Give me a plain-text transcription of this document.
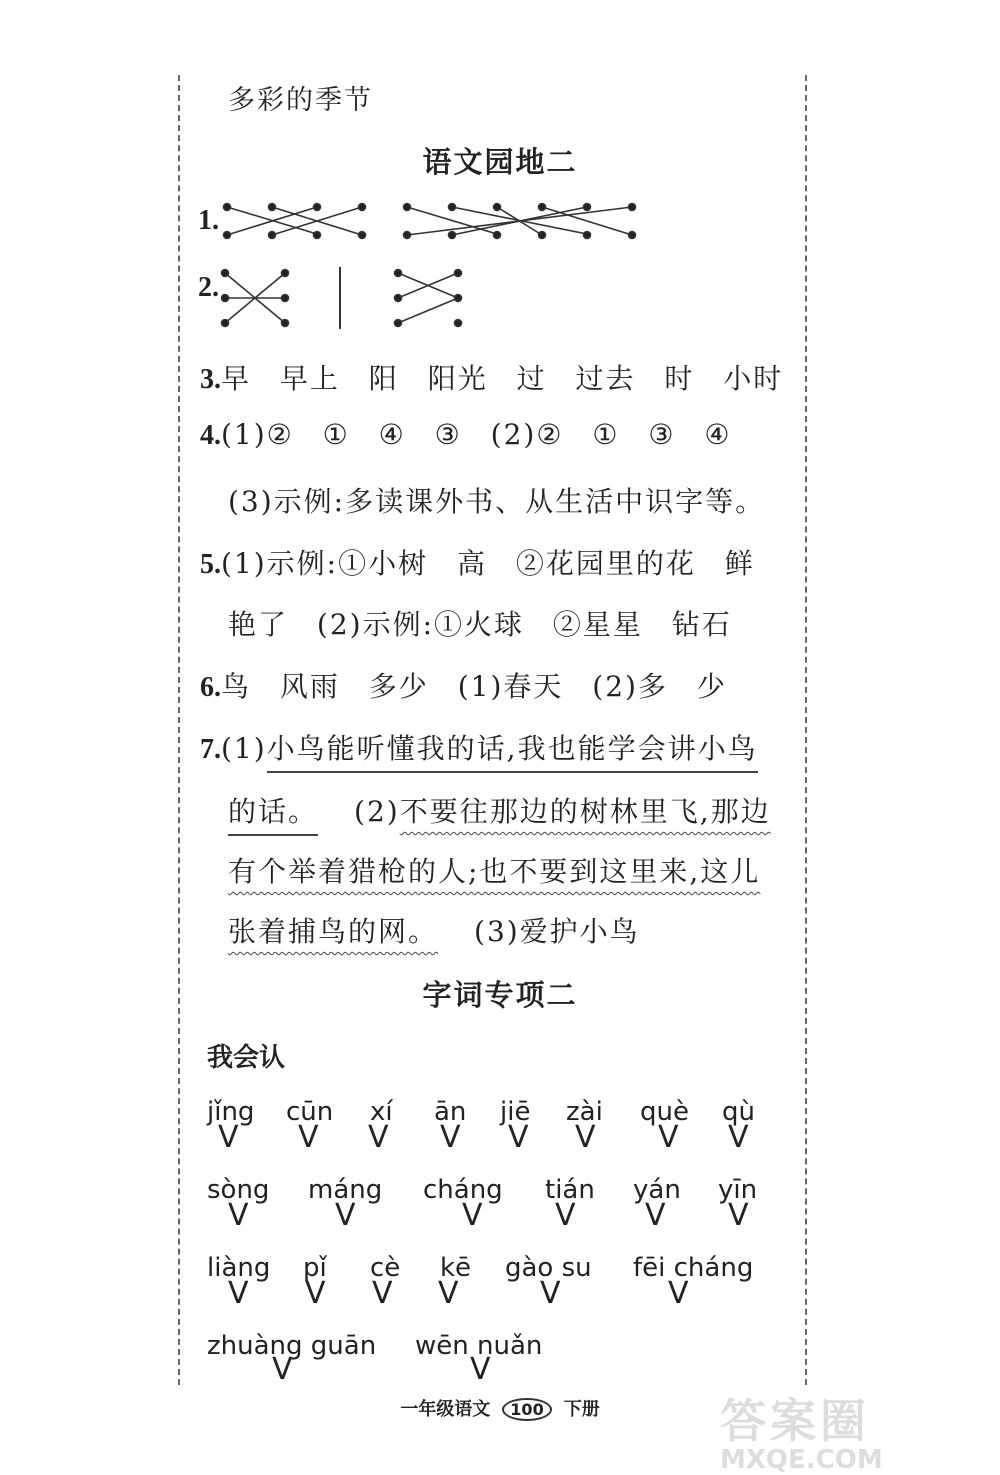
多彩的季节
语文园地二
1.
2.
3.早 早上 阳 阳光 过 过去 时 小时
4.(1)② ① ④ ③ (2)② ① ③ ④
(3)示例:多读课外书、从生活中识字等。
5.(1)示例:①小树 高 ②花园里的花 鲜
艳了 (2)示例:①火球 ②星星 钻石
6.鸟 风雨 多少 (1)春天 (2)多 少
7.(1)小鸟能听懂我的话,我也能学会讲小鸟
的话。 (2)不要往那边的树林里飞,那边
有个举着猎枪的人;也不要到这里来,这儿
张着捕鸟的网。 (3)爱护小鸟
字词专项二
我会认
jǐng cūn xí ān jiē zài què qù
V V V V V V V V
sòng máng cháng tián yán yīn
V	V	V V V V
liàng pǐ cè kē gào su fēi cháng
V V V V	V	V
zhuàng guān wēn nuǎn
V	V
一年级语文 100 下册	答案圈
MXQE.COM
